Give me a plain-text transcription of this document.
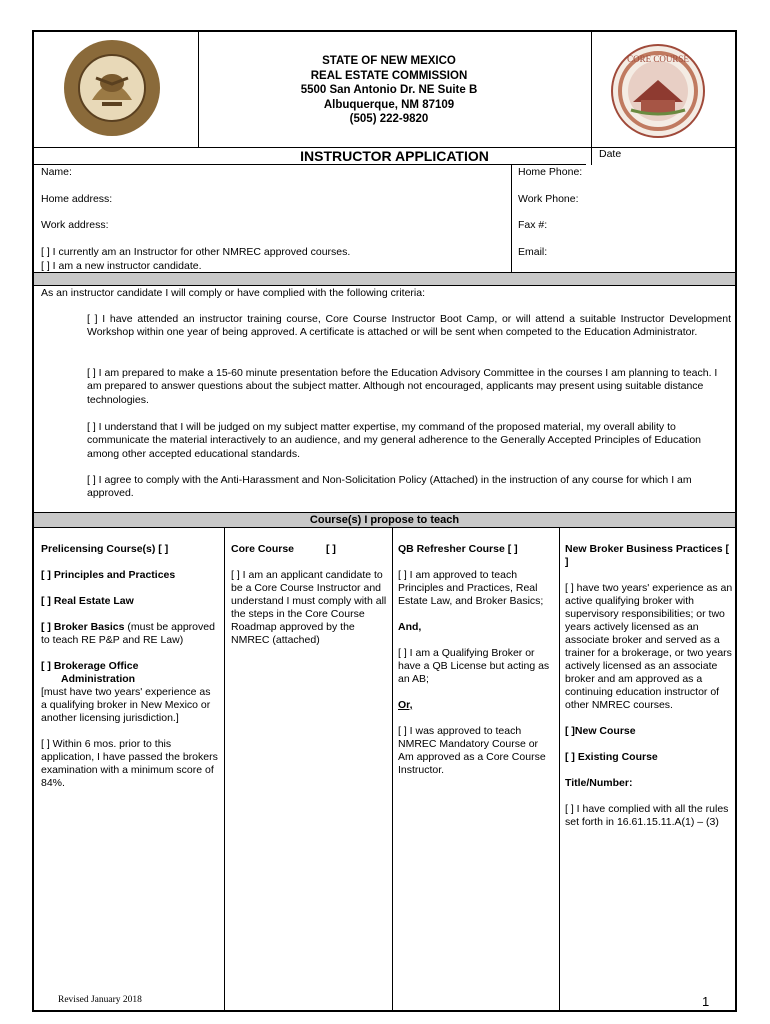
STATE OF NEW MEXICO
REAL ESTATE COMMISSION
5500 San Antonio Dr. NE Suite B
Albuquerque, NM 87109
(505) 222-9820
CORE COURSE
INSTRUCTOR APPLICATION	Date
Name:	Home Phone:
Home address:	Work Phone:
Work address:	Fax #:
[ ] I currently am an Instructor for other NMREC approved courses.
[ ] I am a new instructor candidate.
Email:
As an instructor candidate I will comply or have complied with the following criteria:
[ ] I have attended an instructor training course, Core Course Instructor Boot Camp, or will attend a suitable Instructor Development Workshop within one year of being approved. A certificate is attached or will be sent when competed to the Education Administrator.
[ ] I am prepared to make a 15-60 minute presentation before the Education Advisory Committee in the courses I am planning to teach. I am prepared to answer questions about the subject matter. Although not encouraged, applicants may present using suitable distance technologies.
[ ] I understand that I will be judged on my subject matter expertise, my command of the proposed material, my overall ability to communicate the material interactively to an audience, and my general adherence to the Generally Accepted Principles of Education among other accepted educational standards.
[ ] I agree to comply with the Anti-Harassment and Non-Solicitation Policy (Attached) in the instruction of any course for which I am approved.
Course(s) I propose to teach

Prelicensing Course(s) [ ]

[ ] Principles and Practices

[ ] Real Estate Law

[ ] Broker Basics (must be approved to teach RE P&P and RE Law)

[ ] Brokerage Office
Administration
[must have two years' experience as a qualifying broker in New Mexico or another licensing jurisdiction.]

[ ] Within 6 mos. prior to this application, I have passed the brokers examination with a minimum score of 84%.

Core Course	[ ]

[ ] I am an applicant candidate to be a Core Course Instructor and understand I must comply with all the steps in the Core Course Roadmap approved by the NMREC (attached)

QB Refresher Course [ ]

[ ] I am approved to teach Principles and Practices, Real Estate Law, and Broker Basics;

And,

[ ] I am a Qualifying Broker or have a QB License but acting as an AB;

Or,

[ ] I was approved to teach NMREC Mandatory Course or Am approved as a Core Course Instructor.

New Broker Business Practices [ ]

[ ] have two years' experience as an active qualifying broker with supervisory responsibilities; or two years actively licensed as an associate broker and served as a trainer for a brokerage, or two years actively licensed as an associate broker and am approved as a continuing education instructor of other NMREC courses.

[ ]New Course

[ ] Existing Course

Title/Number:

[ ] I have complied with all the rules set forth in 16.61.15.11.A(1) – (3)

Revised January 2018	1
